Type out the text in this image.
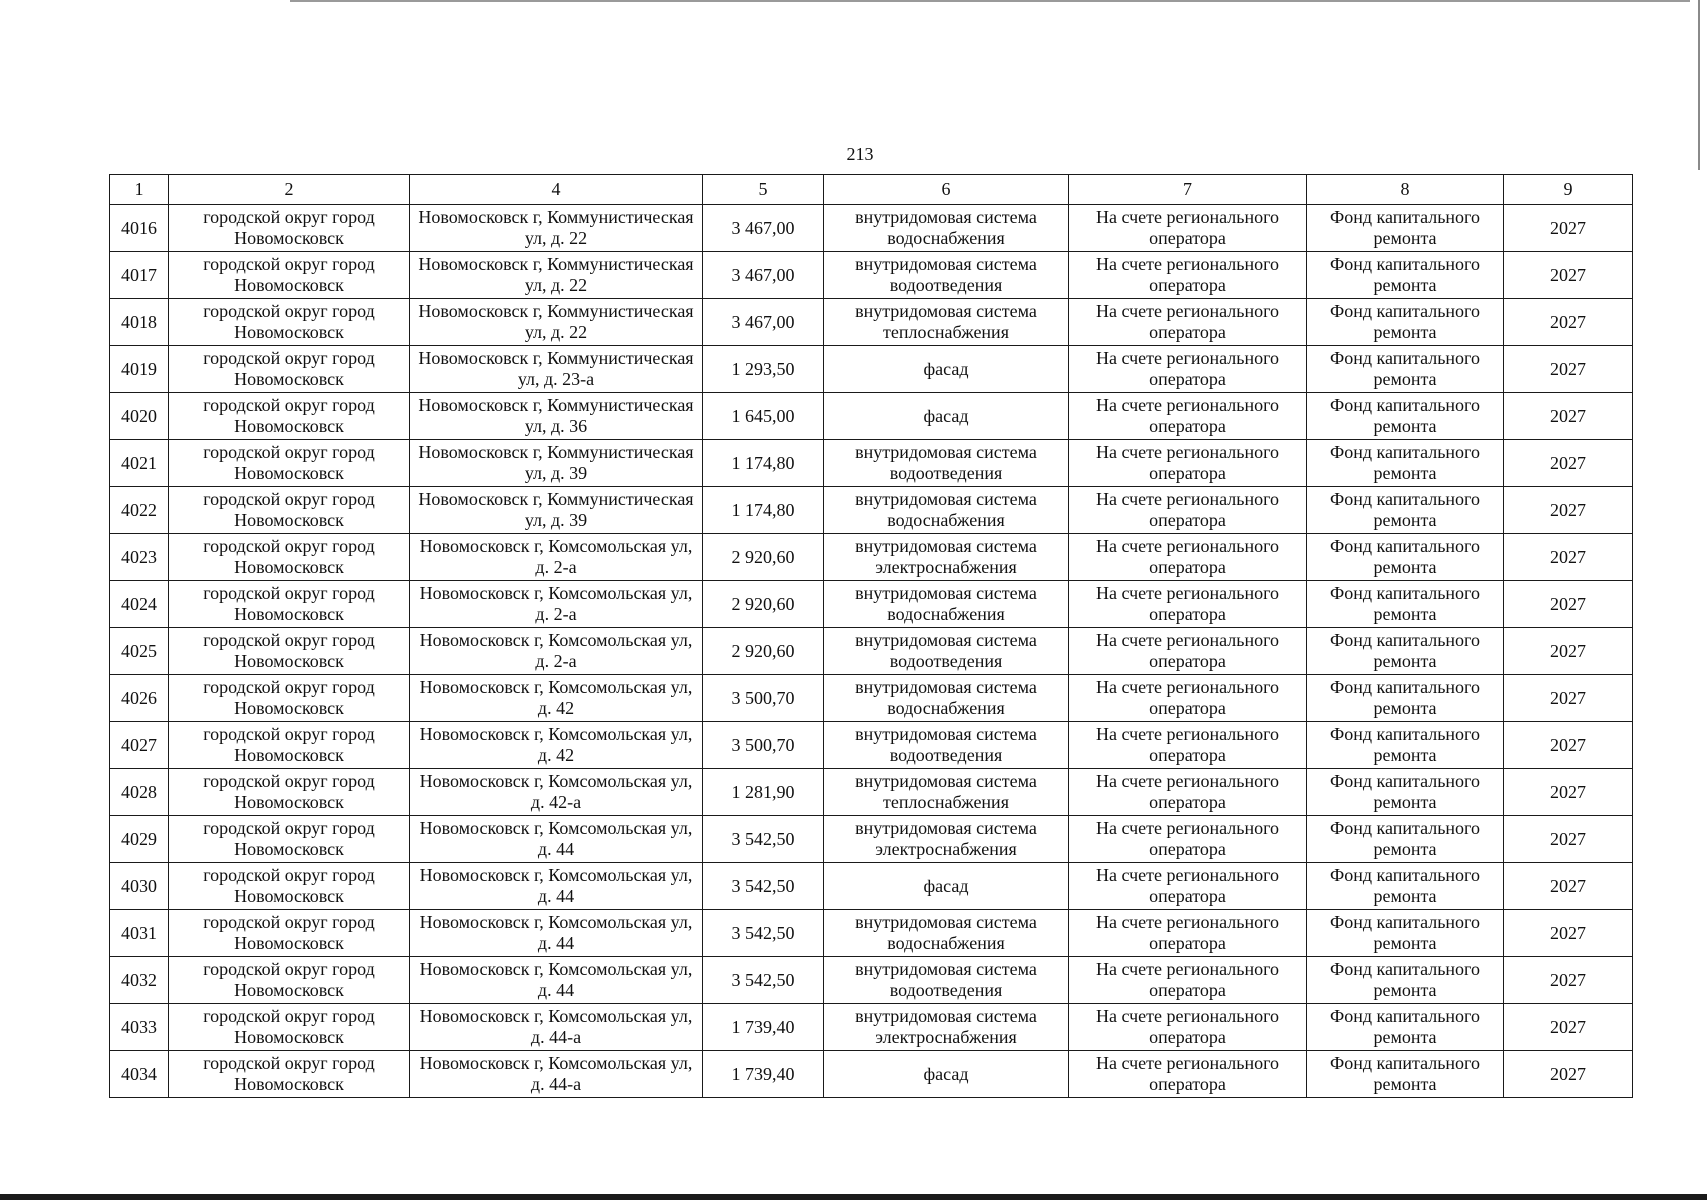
213
1	2	4	5	6	7	8	9
4016	городской округ город Новомосковск	Новомосковск г, Коммунистическая ул, д. 22	3 467,00	внутридомовая система водоснабжения	На счете регионального оператора	Фонд капитального ремонта	2027
4017	городской округ город Новомосковск	Новомосковск г, Коммунистическая ул, д. 22	3 467,00	внутридомовая система водоотведения	На счете регионального оператора	Фонд капитального ремонта	2027
4018	городской округ город Новомосковск	Новомосковск г, Коммунистическая ул, д. 22	3 467,00	внутридомовая система теплоснабжения	На счете регионального оператора	Фонд капитального ремонта	2027
4019	городской округ город Новомосковск	Новомосковск г, Коммунистическая ул, д. 23-а	1 293,50	фасад	На счете регионального оператора	Фонд капитального ремонта	2027
4020	городской округ город Новомосковск	Новомосковск г, Коммунистическая ул, д. 36	1 645,00	фасад	На счете регионального оператора	Фонд капитального ремонта	2027
4021	городской округ город Новомосковск	Новомосковск г, Коммунистическая ул, д. 39	1 174,80	внутридомовая система водоотведения	На счете регионального оператора	Фонд капитального ремонта	2027
4022	городской округ город Новомосковск	Новомосковск г, Коммунистическая ул, д. 39	1 174,80	внутридомовая система водоснабжения	На счете регионального оператора	Фонд капитального ремонта	2027
4023	городской округ город Новомосковск	Новомосковск г, Комсомольская ул, д. 2-а	2 920,60	внутридомовая система электроснабжения	На счете регионального оператора	Фонд капитального ремонта	2027
4024	городской округ город Новомосковск	Новомосковск г, Комсомольская ул, д. 2-а	2 920,60	внутридомовая система водоснабжения	На счете регионального оператора	Фонд капитального ремонта	2027
4025	городской округ город Новомосковск	Новомосковск г, Комсомольская ул, д. 2-а	2 920,60	внутридомовая система водоотведения	На счете регионального оператора	Фонд капитального ремонта	2027
4026	городской округ город Новомосковск	Новомосковск г, Комсомольская ул, д. 42	3 500,70	внутридомовая система водоснабжения	На счете регионального оператора	Фонд капитального ремонта	2027
4027	городской округ город Новомосковск	Новомосковск г, Комсомольская ул, д. 42	3 500,70	внутридомовая система водоотведения	На счете регионального оператора	Фонд капитального ремонта	2027
4028	городской округ город Новомосковск	Новомосковск г, Комсомольская ул, д. 42-а	1 281,90	внутридомовая система теплоснабжения	На счете регионального оператора	Фонд капитального ремонта	2027
4029	городской округ город Новомосковск	Новомосковск г, Комсомольская ул, д. 44	3 542,50	внутридомовая система электроснабжения	На счете регионального оператора	Фонд капитального ремонта	2027
4030	городской округ город Новомосковск	Новомосковск г, Комсомольская ул, д. 44	3 542,50	фасад	На счете регионального оператора	Фонд капитального ремонта	2027
4031	городской округ город Новомосковск	Новомосковск г, Комсомольская ул, д. 44	3 542,50	внутридомовая система водоснабжения	На счете регионального оператора	Фонд капитального ремонта	2027
4032	городской округ город Новомосковск	Новомосковск г, Комсомольская ул, д. 44	3 542,50	внутридомовая система водоотведения	На счете регионального оператора	Фонд капитального ремонта	2027
4033	городской округ город Новомосковск	Новомосковск г, Комсомольская ул, д. 44-а	1 739,40	внутридомовая система электроснабжения	На счете регионального оператора	Фонд капитального ремонта	2027
4034	городской округ город Новомосковск	Новомосковск г, Комсомольская ул, д. 44-а	1 739,40	фасад	На счете регионального оператора	Фонд капитального ремонта	2027
